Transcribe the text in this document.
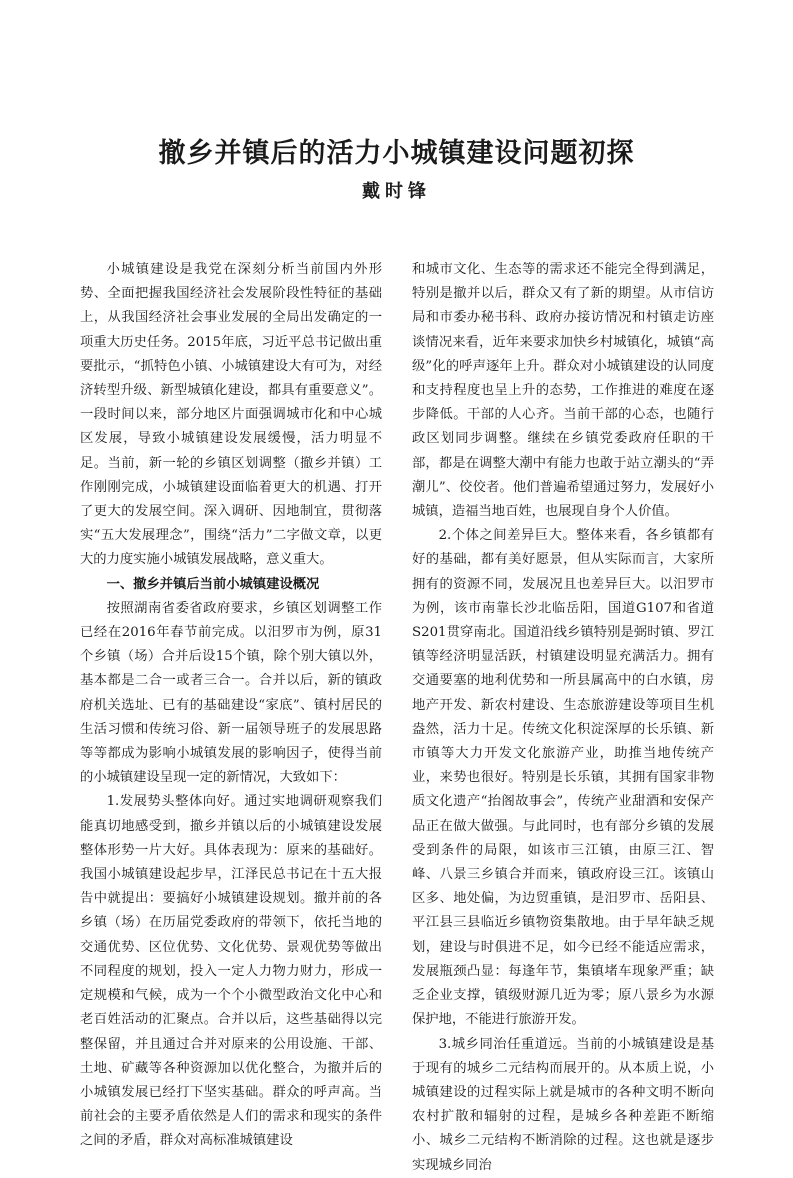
撤乡并镇后的活力小城镇建设问题初探
戴时锋

小城镇建设是我党在深刻分析当前国内外形势、全面把握我国经济社会发展阶段性特征的基础上，从我国经济社会事业发展的全局出发确定的一项重大历史任务。2015年底，习近平总书记做出重要批示，“抓特色小镇、小城镇建设大有可为，对经济转型升级、新型城镇化建设，都具有重要意义”。一段时间以来，部分地区片面强调城市化和中心城区发展，导致小城镇建设发展缓慢，活力明显不足。当前，新一轮的乡镇区划调整（撤乡并镇）工作刚刚完成，小城镇建设面临着更大的机遇、打开了更大的发展空间。深入调研、因地制宜，贯彻落实“五大发展理念”，围绕“活力”二字做文章，以更大的力度实施小城镇发展战略，意义重大。

一、撤乡并镇后当前小城镇建设概况

按照湖南省委省政府要求，乡镇区划调整工作已经在2016年春节前完成。以汨罗市为例，原31个乡镇（场）合并后设15个镇，除个别大镇以外，基本都是二合一或者三合一。合并以后，新的镇政府机关选址、已有的基础建设“家底”、镇村居民的生活习惯和传统习俗、新一届领导班子的发展思路等等都成为影响小城镇发展的影响因子，使得当前的小城镇建设呈现一定的新情况，大致如下：

1.发展势头整体向好。通过实地调研观察我们能真切地感受到，撤乡并镇以后的小城镇建设发展整体形势一片大好。具体表现为：原来的基础好。我国小城镇建设起步早，江泽民总书记在十五大报告中就提出：要搞好小城镇建设规划。撤并前的各乡镇（场）在历届党委政府的带领下，依托当地的交通优势、区位优势、文化优势、景观优势等做出不同程度的规划，投入一定人力物力财力，形成一定规模和气候，成为一个个小微型政治文化中心和老百姓活动的汇聚点。合并以后，这些基础得以完整保留，并且通过合并对原来的公用设施、干部、土地、矿藏等各种资源加以优化整合，为撤并后的小城镇发展已经打下坚实基础。群众的呼声高。当前社会的主要矛盾依然是人们的需求和现实的条件之间的矛盾，群众对高标准城镇建设

和城市文化、生态等的需求还不能完全得到满足，特别是撤并以后，群众又有了新的期望。从市信访局和市委办秘书科、政府办接访情况和村镇走访座谈情况来看，近年来要求加快乡村城镇化，城镇“高级”化的呼声逐年上升。群众对小城镇建设的认同度和支持程度也呈上升的态势，工作推进的难度在逐步降低。干部的人心齐。当前干部的心态，也随行政区划同步调整。继续在乡镇党委政府任职的干部，都是在调整大潮中有能力也敢于站立潮头的“弄潮儿”、佼佼者。他们普遍希望通过努力，发展好小城镇，造福当地百姓，也展现自身个人价值。

2.个体之间差异巨大。整体来看，各乡镇都有好的基础，都有美好愿景，但从实际而言，大家所拥有的资源不同，发展况且也差异巨大。以汨罗市为例，该市南靠长沙北临岳阳，国道G107和省道S201贯穿南北。国道沿线乡镇特别是弼时镇、罗江镇等经济明显活跃，村镇建设明显充满活力。拥有交通要塞的地利优势和一所县属高中的白水镇，房地产开发、新农村建设、生态旅游建设等项目生机盎然，活力十足。传统文化积淀深厚的长乐镇、新市镇等大力开发文化旅游产业，助推当地传统产业，来势也很好。特别是长乐镇，其拥有国家非物质文化遗产“抬阁故事会”，传统产业甜酒和安保产品正在做大做强。与此同时，也有部分乡镇的发展受到条件的局限，如该市三江镇，由原三江、智峰、八景三乡镇合并而来，镇政府设三江。该镇山区多、地处偏，为边贸重镇，是汨罗市、岳阳县、平江县三县临近乡镇物资集散地。由于早年缺乏规划，建设与时俱进不足，如今已经不能适应需求，发展瓶颈凸显：每逢年节，集镇堵车现象严重；缺乏企业支撑，镇级财源几近为零；原八景乡为水源保护地，不能进行旅游开发。

3.城乡同治任重道远。当前的小城镇建设是基于现有的城乡二元结构而展开的。从本质上说，小城镇建设的过程实际上就是城市的各种文明不断向农村扩散和辐射的过程，是城乡各种差距不断缩小、城乡二元结构不断消除的过程。这也就是逐步实现城乡同治
